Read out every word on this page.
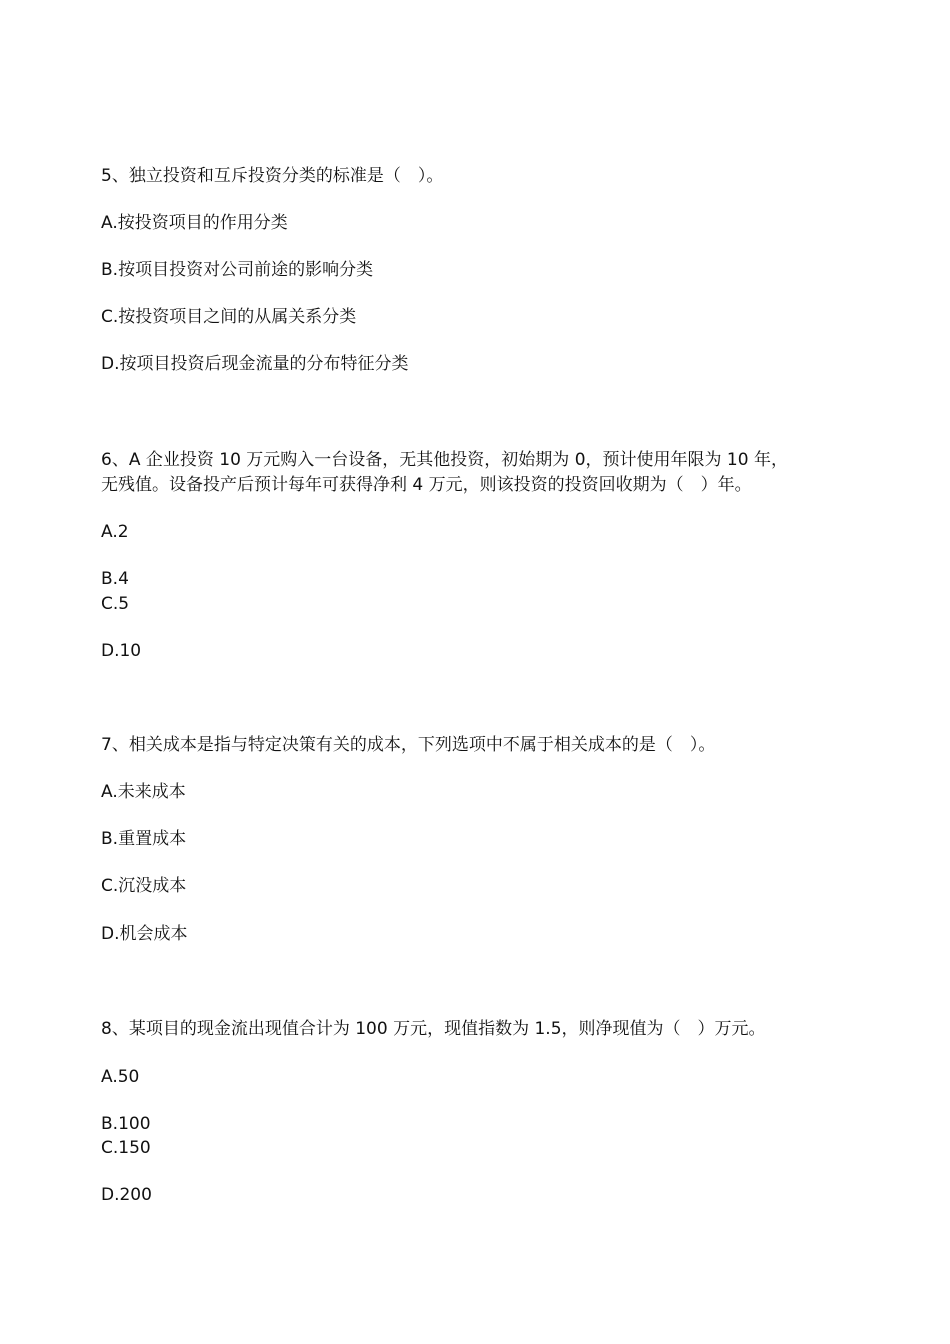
5、独立投资和互斥投资分类的标准是（　）。
A.按投资项目的作用分类
B.按项目投资对公司前途的影响分类
C.按投资项目之间的从属关系分类
D.按项目投资后现金流量的分布特征分类
6、A 企业投资 10 万元购入一台设备，无其他投资，初始期为 0，预计使用年限为 10 年，
无残值。设备投产后预计每年可获得净利 4 万元，则该投资的投资回收期为（　）年。
A.2
B.4
C.5
D.10
7、相关成本是指与特定决策有关的成本，下列选项中不属于相关成本的是（　）。
A.未来成本
B.重置成本
C.沉没成本
D.机会成本
8、某项目的现金流出现值合计为 100 万元，现值指数为 1.5，则净现值为（　）万元。
A.50
B.100
C.150
D.200
